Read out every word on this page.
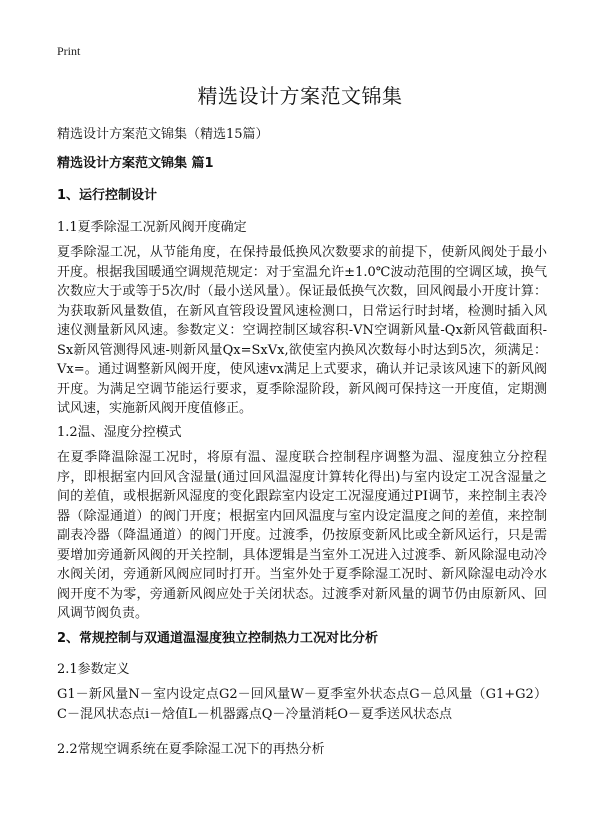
Print
精选设计方案范文锦集
精选设计方案范文锦集（精选15篇）
精选设计方案范文锦集 篇1
1、运行控制设计
1.1夏季除湿工况新风阀开度确定
夏季除湿工况，从节能角度，在保持最低换风次数要求的前提下，使新风阀处于最小开度。根据我国暖通空调规范规定：对于室温允许±1.0℃波动范围的空调区域，换气次数应大于或等于5次/时（最小送风量）。保证最低换气次数，回风阀最小开度计算：为获取新风量数值，在新风直管段设置风速检测口，日常运行时封堵，检测时插入风速仪测量新风风速。参数定义：空调控制区域容积-VN空调新风量-Qx新风管截面积-Sx新风管测得风速-则新风量Qx=SxVx,欲使室内换风次数每小时达到5次，须满足：Vx=。通过调整新风阀开度，使风速vx满足上式要求，确认并记录该风速下的新风阀开度。为满足空调节能运行要求，夏季除湿阶段，新风阀可保持这一开度值，定期测试风速，实施新风阀开度值修正。
1.2温、湿度分控模式
在夏季降温除湿工况时，将原有温、湿度联合控制程序调整为温、湿度独立分控程序，即根据室内回风含湿量(通过回风温湿度计算转化得出)与室内设定工况含湿量之间的差值，或根据新风湿度的变化跟踪室内设定工况湿度通过PI调节，来控制主表冷器（除湿通道）的阀门开度；根据室内回风温度与室内设定温度之间的差值，来控制副表冷器（降温通道）的阀门开度。过渡季，仍按原变新风比或全新风运行，只是需要增加旁通新风阀的开关控制，具体逻辑是当室外工况进入过渡季、新风除湿电动冷水阀关闭，旁通新风阀应同时打开。当室外处于夏季除湿工况时、新风除湿电动冷水阀开度不为零，旁通新风阀应处于关闭状态。过渡季对新风量的调节仍由原新风、回风调节阀负责。
2、常规控制与双通道温湿度独立控制热力工况对比分析
2.1参数定义
G1－新风量N－室内设定点G2－回风量W－夏季室外状态点G－总风量（G1+G2）C－混风状态点i－焓值L－机器露点Q－冷量消耗O－夏季送风状态点
2.2常规空调系统在夏季除湿工况下的再热分析
